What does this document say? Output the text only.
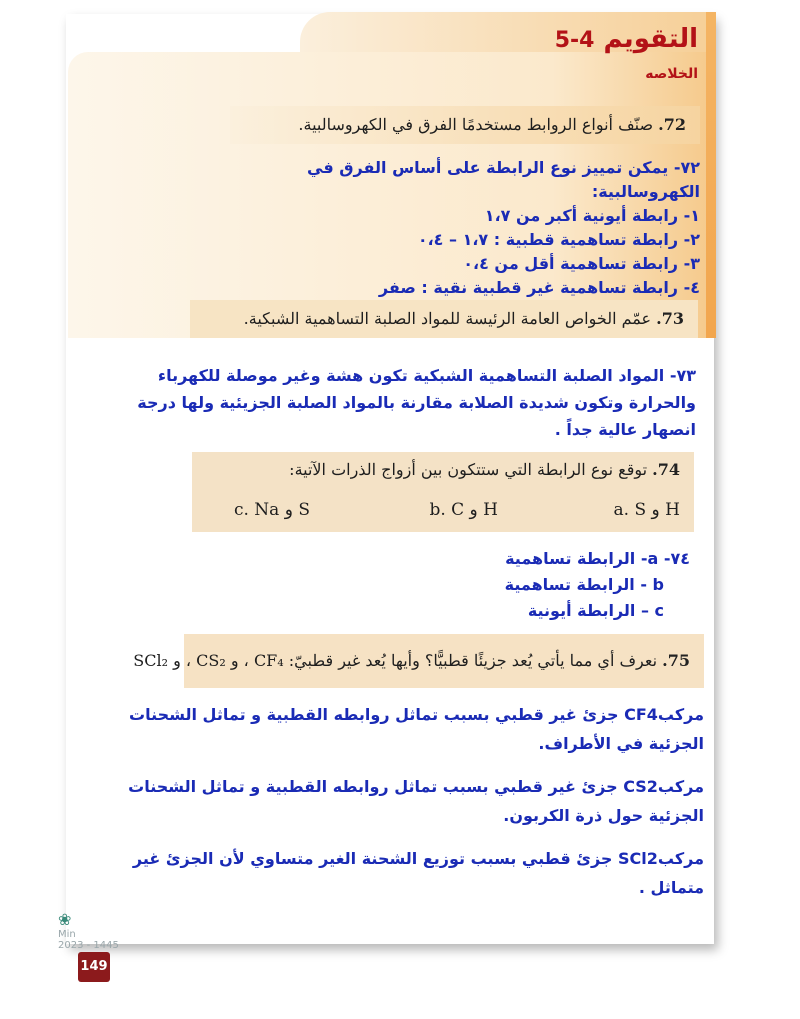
التقويم 4-5
الخلاصه
72. صنّف أنواع الروابط مستخدمًا الفرق في الكهروسالبية.
٧٢- يمكن تمييز نوع الرابطة على أساس الفرق في الكهروسالبية:
١- رابطة أيونية أكبر من ١،٧
٢- رابطة تساهمية قطبية : ١،٧ – ٠،٤
٣- رابطة تساهمية أقل من ٠،٤
٤- رابطة تساهمية غير قطبية نقية : صفر
73. عمّم الخواص العامة الرئيسة للمواد الصلبة التساهمية الشبكية.
٧٣- المواد الصلبة التساهمية الشبكية تكون هشة وغير موصلة للكهرباء والحرارة وتكون شديدة الصلابة مقارنة بالمواد الصلبة الجزيئية ولها درجة انصهار عالية جداً .
74. توقع نوع الرابطة التي ستتكون بين أزواج الذرات الآتية:
a. S و H
b. C و H
c. Na و S
٧٤- a- الرابطة تساهمية
b - الرابطة تساهمية
c – الرابطة أيونية
75. نعرف أي مما يأتي يُعد جزيئًا قطبيًّا؟ وأيها يُعد غير قطبيّ: CF₄ ، و CS₂ ، و SCl₂
مركبCF4 جزئ غير قطبي بسبب تماثل روابطه القطبية و تماثل الشحنات الجزئية في الأطراف.
مركبCS2 جزئ غير قطبي بسبب تماثل روابطه القطبية و تماثل الشحنات الجزئية حول ذرة الكربون.
مركبSCl2 جزئ قطبي بسبب توزيع الشحنة الغير متساوي لأن الجزئ غير متماثل .
❀
Min
2023 - 1445
149
